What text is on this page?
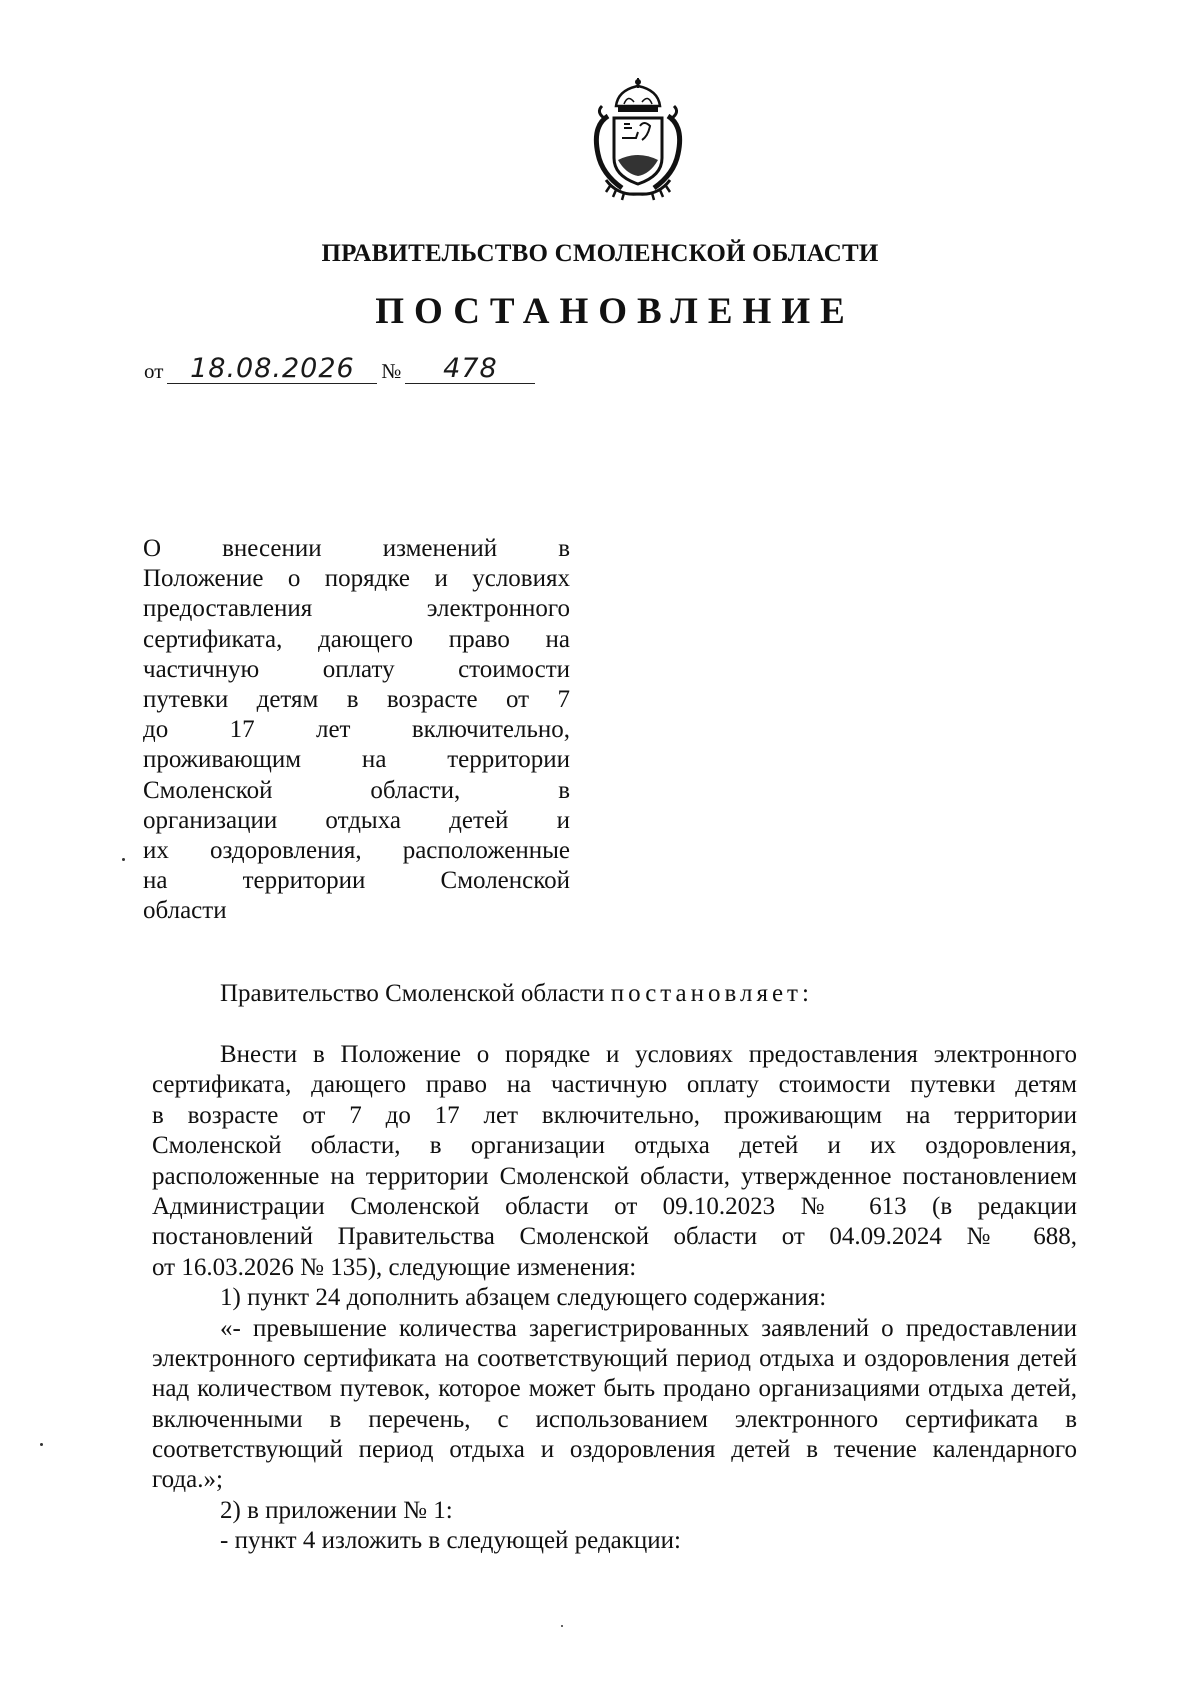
ПРАВИТЕЛЬСТВО СМОЛЕНСКОЙ ОБЛАСТИ
ПОСТАНОВЛЕНИЕ
от 18.08.2026 № 478
О внесении изменений в
Положение о порядке и условиях
предоставления электронного
сертификата, дающего право на
частичную оплату стоимости
путевки детям в возрасте от 7
до 17 лет включительно,
проживающим на территории
Смоленской области, в
организации отдыха детей и
их оздоровления, расположенные
на территории Смоленской
области
Правительство Смоленской области постановляет:
Внести в Положение о порядке и условиях предоставления электронного
сертификата, дающего право на частичную оплату стоимости путевки детям
в возрасте от 7 до 17 лет включительно, проживающим на территории
Смоленской области, в организации отдыха детей и их оздоровления,
расположенные на территории Смоленской области, утвержденное постановлением
Администрации Смоленской области от 09.10.2023 № 613 (в редакции
постановлений Правительства Смоленской области от 04.09.2024 № 688,
от 16.03.2026 № 135), следующие изменения:
1) пункт 24 дополнить абзацем следующего содержания:
«- превышение количества зарегистрированных заявлений о предоставлении
электронного сертификата на соответствующий период отдыха и оздоровления детей
над количеством путевок, которое может быть продано организациями отдыха детей,
включенными в перечень, с использованием электронного сертификата в
соответствующий период отдыха и оздоровления детей в течение календарного
года.»;
2) в приложении № 1:
- пункт 4 изложить в следующей редакции:
